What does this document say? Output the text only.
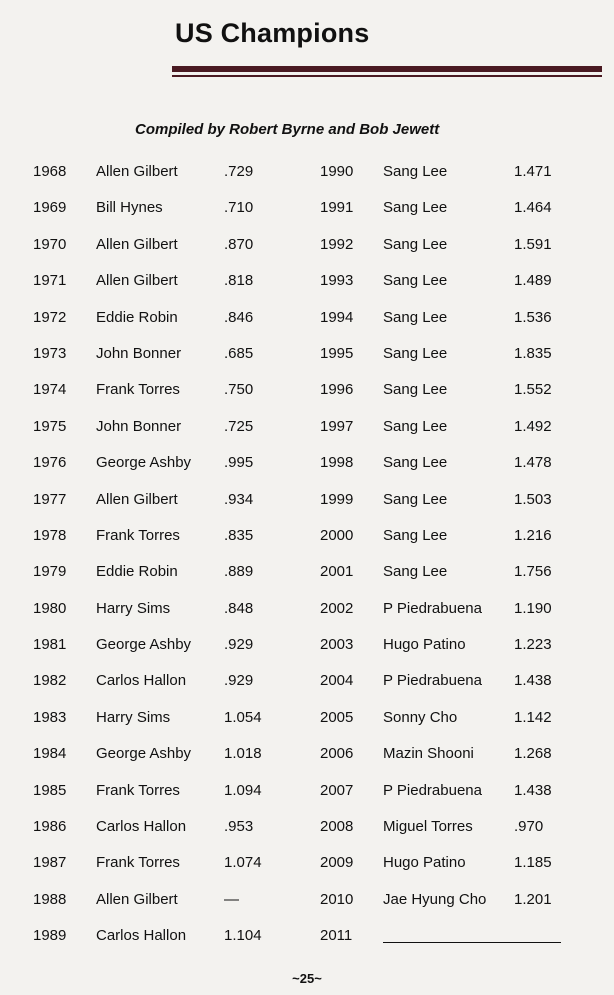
US Champions
Compiled by Robert Byrne and Bob Jewett
1968 Allen Gilbert	.729
1969 Bill Hynes	.710
1970 Allen Gilbert	.870
1971 Allen Gilbert	.818
1972 Eddie Robin	.846
1973 John Bonner	.685
1974 Frank Torres	.750
1975 John Bonner	.725
1976 George Ashby .995
1977 Allen Gilbert	.934
1978 Frank Torres	.835
1979 Eddie Robin	.889
1980 Harry Sims	.848
1981 George Ashby .929
1982 Carlos Hallon	.929
1983 Harry Sims	1.054
1984 George Ashby 1.018
1985 Frank Torres	1.094
1986 Carlos Hallon	.953
1987 Frank Torres	1.074
1988 Allen Gilbert	—
1989 Carlos Hallon	1.104
1990 Sang Lee	1.471
1991 Sang Lee	1.464
1992 Sang Lee	1.591
1993 Sang Lee	1.489
1994 Sang Lee	1.536
1995 Sang Lee	1.835
1996 Sang Lee	1.552
1997 Sang Lee	1.492
1998 Sang Lee	1.478
1999 Sang Lee	1.503
2000 Sang Lee	1.216
2001 Sang Lee	1.756
2002 P Piedrabuena 1.190
2003 Hugo Patino	1.223
2004 P Piedrabuena 1.438
2005 Sonny Cho	1.142
2006 Mazin Shooni	1.268
2007 P Piedrabuena 1.438
2008 Miguel Torres	.970
2009 Hugo Patino	1.185
2010 Jae Hyung Cho 1.201
2011
~25~
